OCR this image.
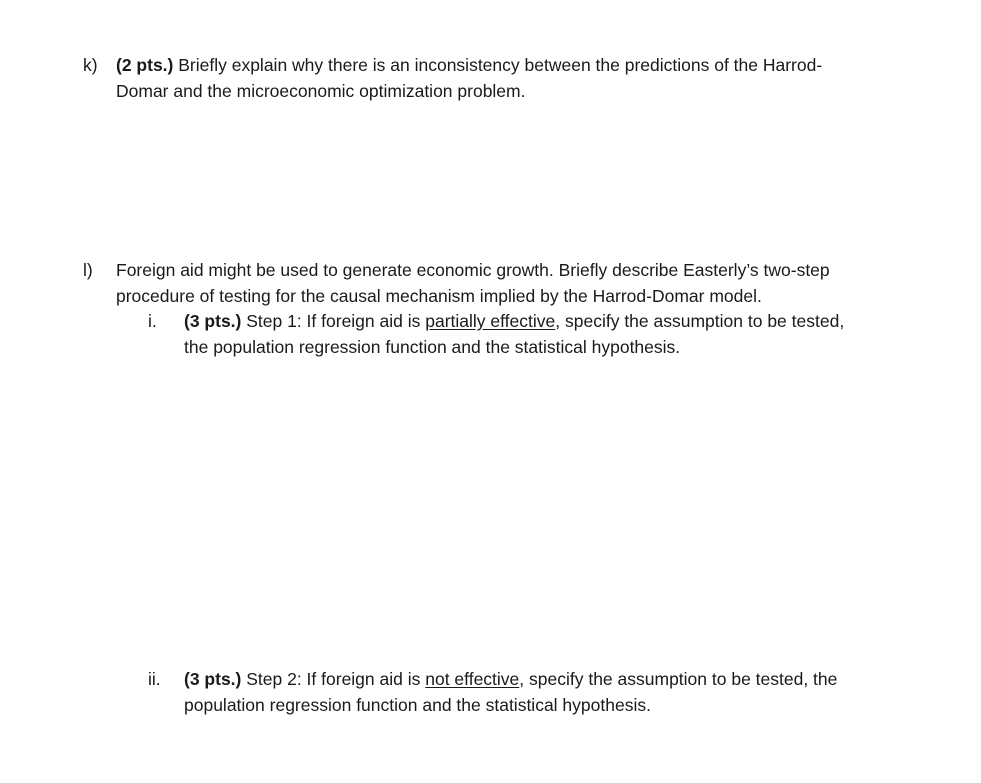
k) (2 pts.) Briefly explain why there is an inconsistency between the predictions of the Harrod-
Domar and the microeconomic optimization problem.
l) Foreign aid might be used to generate economic growth. Briefly describe Easterly’s two-step
procedure of testing for the causal mechanism implied by the Harrod-Domar model.
i. (3 pts.) Step 1: If foreign aid is partially effective, specify the assumption to be tested,
the population regression function and the statistical hypothesis.
ii. (3 pts.) Step 2: If foreign aid is not effective, specify the assumption to be tested, the
population regression function and the statistical hypothesis.
